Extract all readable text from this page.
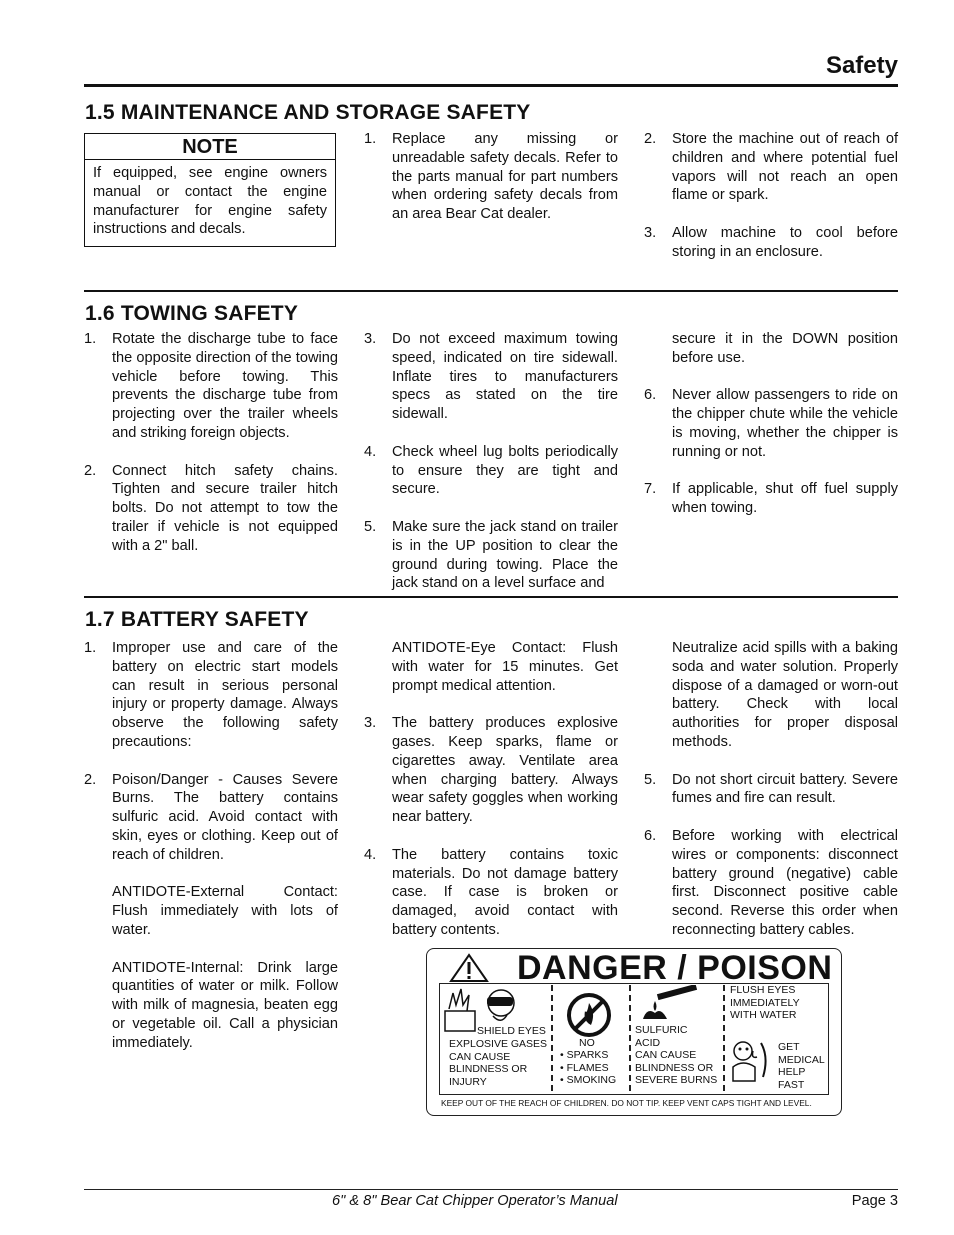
Safety
1.5 MAINTENANCE AND STORAGE SAFETY
NOTE
If equipped, see engine owners manual or contact the engine manufacturer for engine safety instructions and decals.
1. Replace any missing or unreadable safety decals. Refer to the parts manual for part numbers when ordering safety decals from an area Bear Cat dealer.
2. Store the machine out of reach of children and where potential fuel vapors will not reach an open flame or spark.
3. Allow machine to cool before storing in an enclosure.
1.6 TOWING SAFETY
1. Rotate the discharge tube to face the opposite direction of the towing vehicle before towing. This prevents the discharge tube from projecting over the trailer wheels and striking foreign objects.
2. Connect hitch safety chains. Tighten and secure trailer hitch bolts. Do not attempt to tow the trailer if vehicle is not equipped with a 2" ball.
3. Do not exceed maximum towing speed, indicated on tire sidewall. Inflate tires to manufacturers specs as stated on the tire sidewall.
4. Check wheel lug bolts periodically to ensure they are tight and secure.
5. Make sure the jack stand on trailer is in the UP position to clear the ground during towing. Place the jack stand on a level surface and
secure it in the DOWN position before use.
6. Never allow passengers to ride on the chipper chute while the vehicle is moving, whether the chipper is running or not.
7. If applicable, shut off fuel supply when towing.
1.7 BATTERY SAFETY
1. Improper use and care of the battery on electric start models can result in serious personal injury or property damage. Always observe the following safety precautions:
2. Poison/Danger - Causes Severe Burns. The battery contains sulfuric acid. Avoid contact with skin, eyes or clothing. Keep out of reach of children.
ANTIDOTE-External Contact: Flush immediately with lots of water.
ANTIDOTE-Internal: Drink large quantities of water or milk. Follow with milk of magnesia, beaten egg or vegetable oil. Call a physician immediately.
ANTIDOTE-Eye Contact: Flush with water for 15 minutes. Get prompt medical attention.
3. The battery produces explosive gases. Keep sparks, flame or cigarettes away. Ventilate area when charging battery. Always wear safety goggles when working near battery.
4. The battery contains toxic materials. Do not damage battery case. If case is broken or damaged, avoid contact with battery contents.
Neutralize acid spills with a baking soda and water solution. Properly dispose of a damaged or worn-out battery. Check with local authorities for proper disposal methods.
5. Do not short circuit battery. Severe fumes and fire can result.
6. Before working with electrical wires or components: disconnect battery ground (negative) cable first. Disconnect positive cable second. Reverse this order when reconnecting battery cables.
DANGER / POISON
SHIELD EYES
EXPLOSIVE GASES
CAN CAUSE
BLINDNESS OR
INJURY
NO
• SPARKS
• FLAMES
• SMOKING
SULFURIC
ACID
CAN CAUSE
BLINDNESS OR
SEVERE BURNS
FLUSH EYES
IMMEDIATELY
WITH WATER
GET
MEDICAL
HELP
FAST
KEEP OUT OF THE REACH OF CHILDREN. DO NOT TIP. KEEP VENT CAPS TIGHT AND LEVEL.
6" & 8" Bear Cat Chipper Operator’s Manual	Page 3
